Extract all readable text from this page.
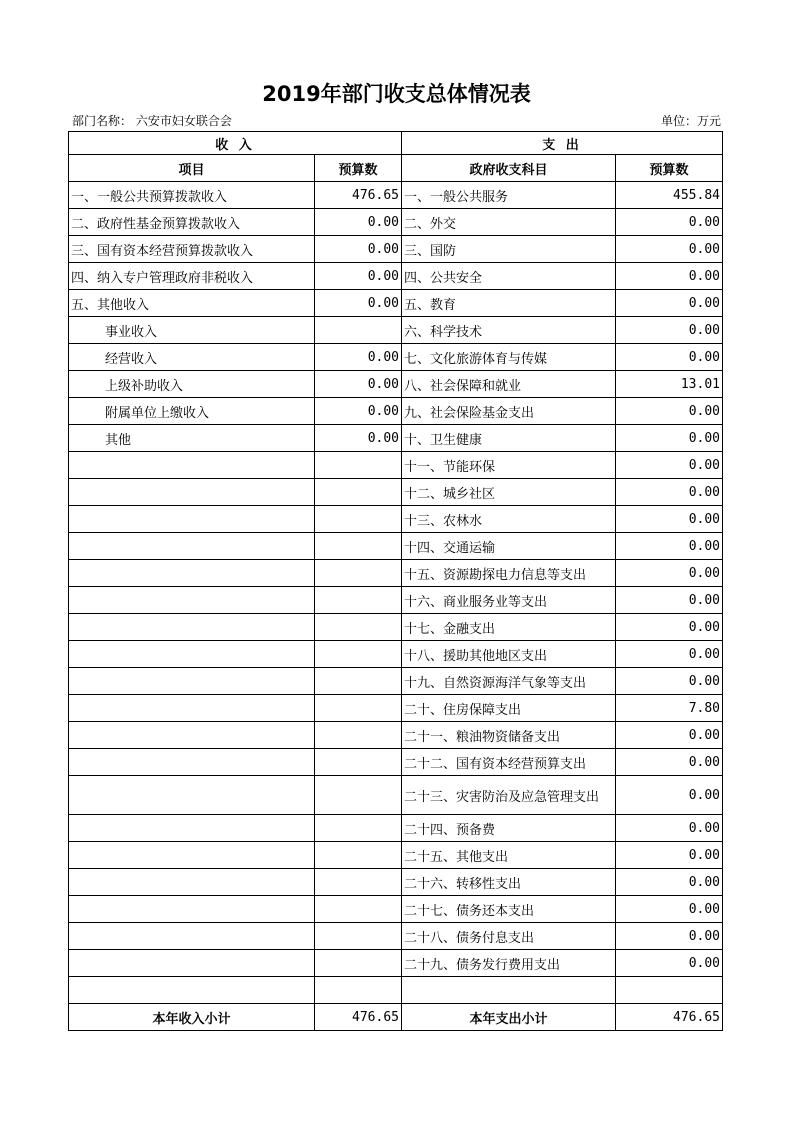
2019年部门收支总体情况表
部门名称： 六安市妇女联合会	单位：万元
收 入		支 出	
项目	预算数	政府收支科目	预算数
一、一般公共预算拨款收入	476.65	一、一般公共服务	455.84
二、政府性基金预算拨款收入	0.00	二、外交	0.00
三、国有资本经营预算拨款收入	0.00	三、国防	0.00
四、纳入专户管理政府非税收入	0.00	四、公共安全	0.00
五、其他收入	0.00	五、教育	0.00
事业收入		六、科学技术	0.00
经营收入	0.00	七、文化旅游体育与传媒	0.00
上级补助收入	0.00	八、社会保障和就业	13.01
附属单位上缴收入	0.00	九、社会保险基金支出	0.00
其他	0.00	十、卫生健康	0.00
		十一、节能环保	0.00
		十二、城乡社区	0.00
		十三、农林水	0.00
		十四、交通运输	0.00
		十五、资源勘探电力信息等支出	0.00
		十六、商业服务业等支出	0.00
		十七、金融支出	0.00
		十八、援助其他地区支出	0.00
		十九、自然资源海洋气象等支出	0.00
		二十、住房保障支出	7.80
		二十一、粮油物资储备支出	0.00
		二十二、国有资本经营预算支出	0.00
		二十三、灾害防治及应急管理支出	0.00
		二十四、预备费	0.00
		二十五、其他支出	0.00
		二十六、转移性支出	0.00
		二十七、债务还本支出	0.00
		二十八、债务付息支出	0.00
		二十九、债务发行费用支出	0.00

本年收入小计	476.65	本年支出小计	476.65
